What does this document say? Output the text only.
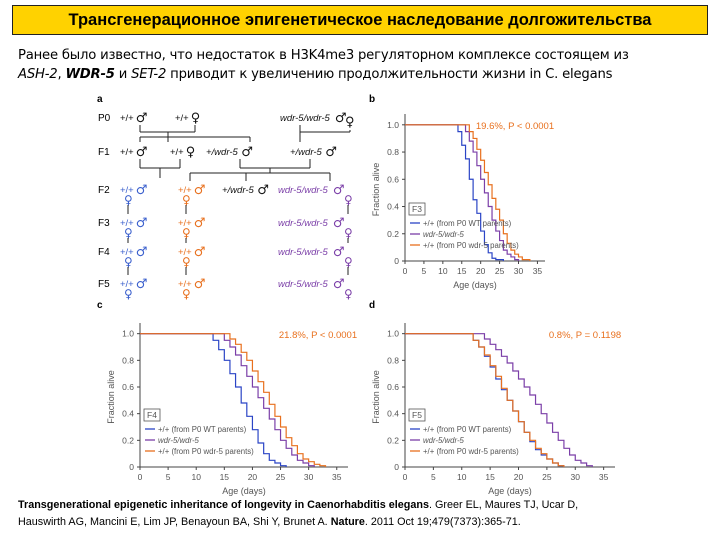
Трансгенерационное эпигенетическое наследование долгожительства
Ранее было известно, что недостаток в H3K4me3 регуляторном комплексе состоящем из
ASH-2, WDR-5 и SET-2 приводит к увеличению продолжительности жизни in C. elegans
a
P0
F1
F2
F3
F4
F5
+/+ ♂	+/+ ♀	wdr-5/wdr-5 ♂
♀
+/+ ♂ +/+ ♀ +/wdr-5 ♂	+/wdr-5 ♂
+/+ ♂
♀
+/+ ♂
♀
+/wdr-5 ♂ wdr-5/wdr-5 ♂
♀
+/+ ♂
♀
+/+ ♂
♀
wdr-5/wdr-5 ♂
♀
+/+ ♂
♀
+/+ ♂
♀
wdr-5/wdr-5 ♂
♀
+/+ ♂
♀
+/+ ♂
♀
wdr-5/wdr-5 ♂
♀
b
0
0.2
0.4
0.6
0.8
1.0
0 5 10 15 20 25 30 35
Age (days)
Fraction alive
19.6%, P < 0.0001
F3
+/+ (from P0 WT parents)
wdr-5/wdr-5
+/+ (from P0 wdr-5 parents)
c
0
0.2
0.4
0.6
0.8
1.0
0	5 10 15 20 25 30 35
Age (days)
Fraction alive
21.8%, P < 0.0001
F4
+/+ (from P0 WT parents)
wdr-5/wdr-5
+/+ (from P0 wdr-5 parents)
d
0
0.2
0.4
0.6
0.8
1.0
0	5	10 15 20 25 30 35
Age (days)
Fraction alive
0.8%, P = 0.1198
F5
+/+ (from P0 WT parents)
wdr-5/wdr-5
+/+ (from P0 wdr-5 parents)
Transgenerational epigenetic inheritance of longevity in Caenorhabditis elegans. Greer EL, Maures TJ, Ucar D,
Hauswirth AG, Mancini E, Lim JP, Benayoun BA, Shi Y, Brunet A. Nature. 2011 Oct 19;479(7373):365-71.
